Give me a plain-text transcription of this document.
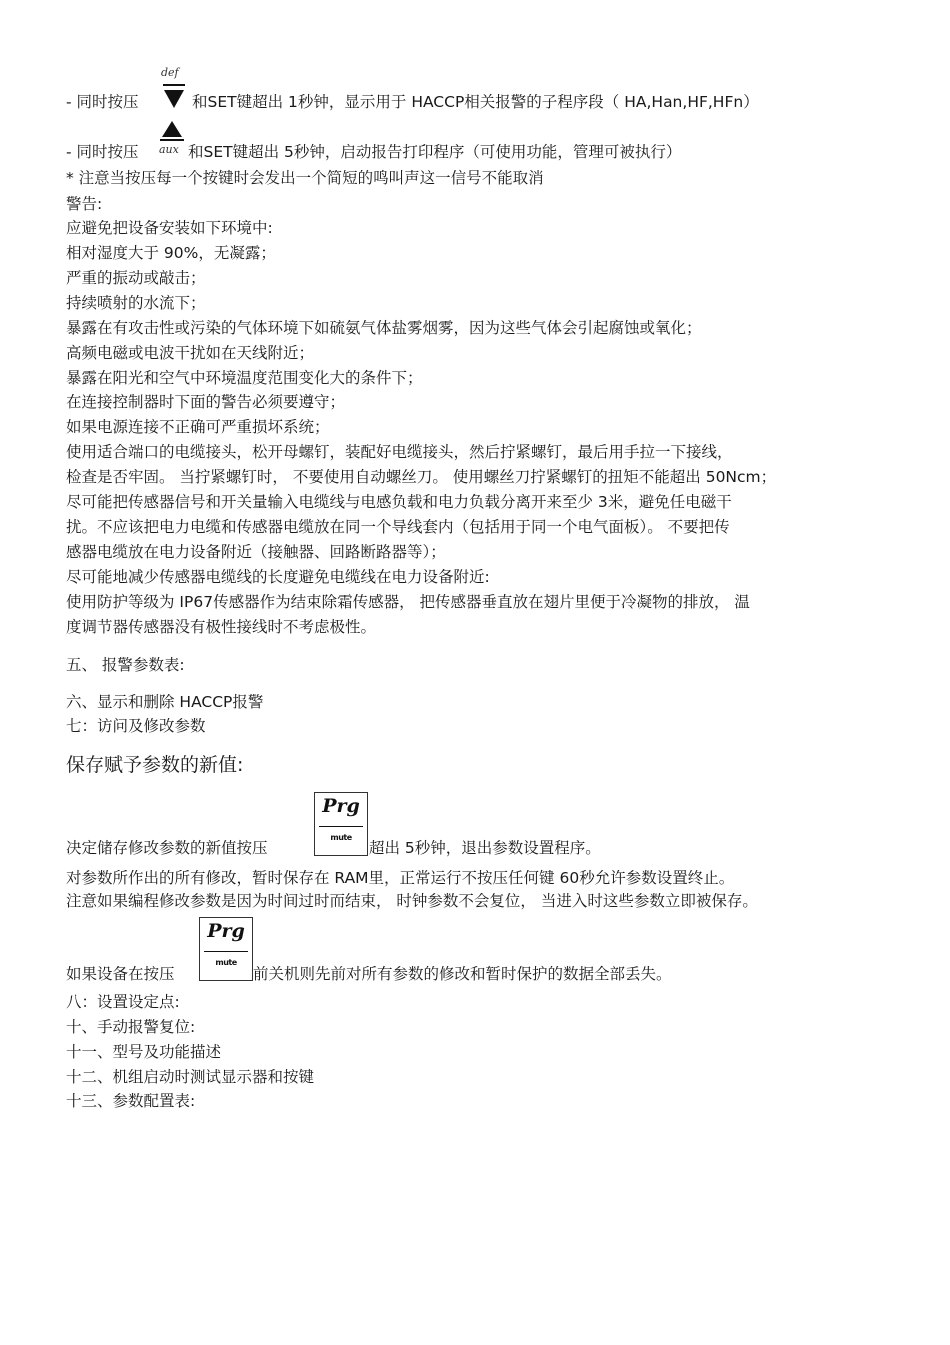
- 同时按压
def
和SET键超出 1秒钟，显示用于 HACCP相关报警的子程序段（ HA,Han,HF,HFn）
- 同时按压 aux 和SET键超出 5秒钟，启动报告打印程序（可使用功能，管理可被执行）
* 注意当按压每一个按键时会发出一个简短的鸣叫声这一信号不能取消
警告:
应避免把设备安装如下环境中:
相对湿度大于 90%，无凝露；
严重的振动或敲击；
持续喷射的水流下；
暴露在有攻击性或污染的气体环境下如硫氨气体盐雾烟雾，因为这些气体会引起腐蚀或氧化；
高频电磁或电波干扰如在天线附近；
暴露在阳光和空气中环境温度范围变化大的条件下；
在连接控制器时下面的警告必须要遵守；
如果电源连接不正确可严重损坏系统；
使用适合端口的电缆接头，松开母螺钉，装配好电缆接头，然后拧紧螺钉，最后用手拉一下接线，
检查是否牢固。 当拧紧螺钉时， 不要使用自动螺丝刀。 使用螺丝刀拧紧螺钉的扭矩不能超出 50Ncm；
尽可能把传感器信号和开关量输入电缆线与电感负载和电力负载分离开来至少 3米，避免任电磁干
扰。不应该把电力电缆和传感器电缆放在同一个导线套内（包括用于同一个电气面板）。 不要把传
感器电缆放在电力设备附近（接触器、回路断路器等）；
尽可能地减少传感器电缆线的长度避免电缆线在电力设备附近:
使用防护等级为 IP67传感器作为结束除霜传感器， 把传感器垂直放在翅片里便于冷凝物的排放， 温
度调节器传感器没有极性接线时不考虑极性。
五、 报警参数表:
六、显示和删除 HACCP报警
七：访问及修改参数
保存赋予参数的新值:
决定储存修改参数的新值按压
Prg
mute
超出 5秒钟，退出参数设置程序。
对参数所作出的所有修改，暂时保存在 RAM里，正常运行不按压任何键 60秒允许参数设置终止。
注意如果编程修改参数是因为时间过时而结束， 时钟参数不会复位， 当进入时这些参数立即被保存。
如果设备在按压
Prg
mute
前关机则先前对所有参数的修改和暂时保护的数据全部丢失。
八：设置设定点:
十、手动报警复位:
十一、型号及功能描述
十二、机组启动时测试显示器和按键
十三、参数配置表:
